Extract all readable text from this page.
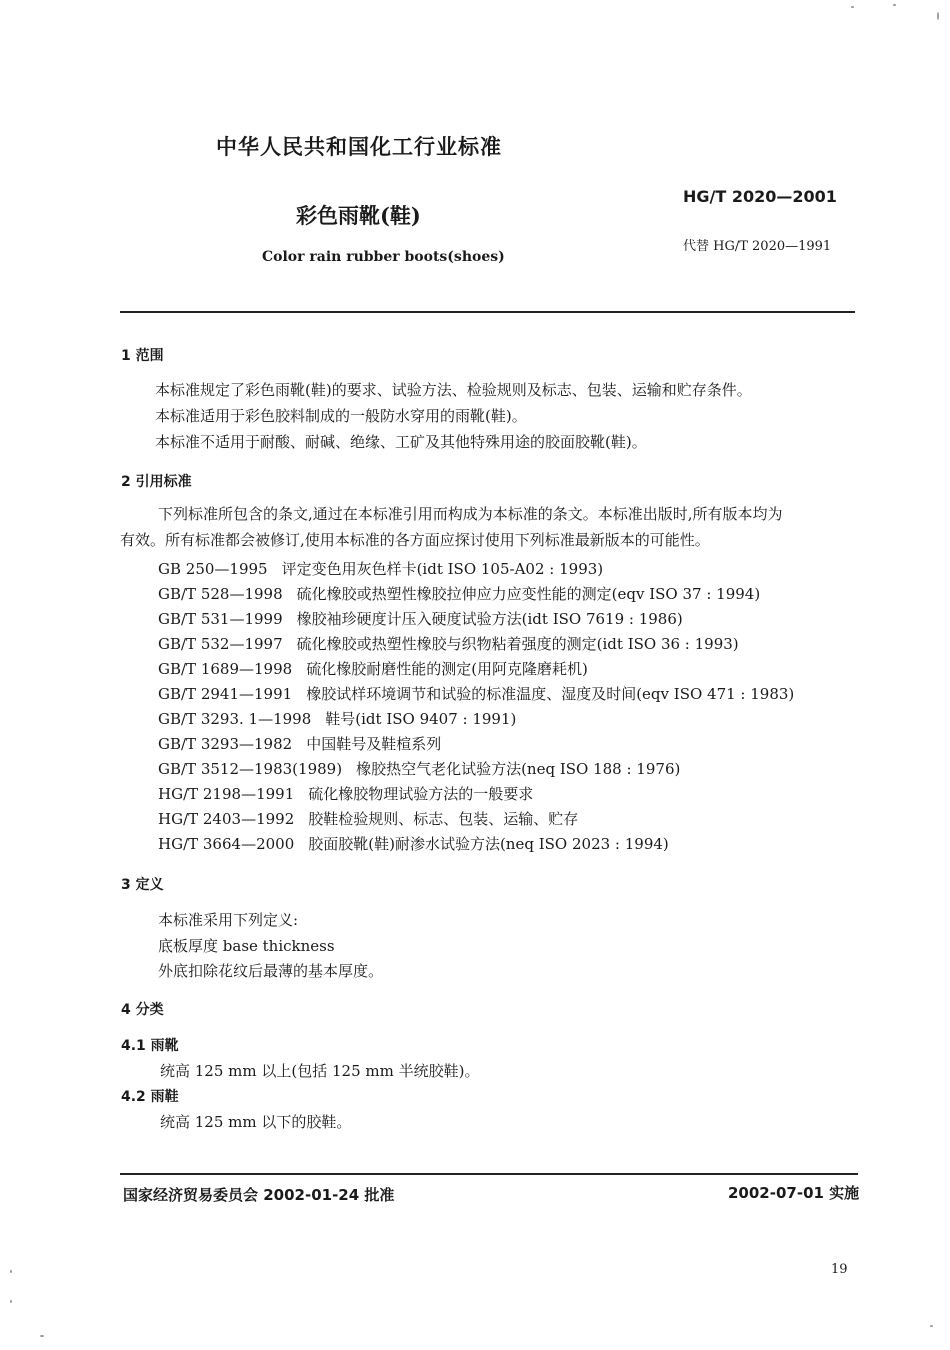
中华人民共和国化工行业标准
HG/T 2020—2001
彩色雨靴(鞋)
代替 HG/T 2020—1991
Color rain rubber boots(shoes)
1 范围
本标准规定了彩色雨靴(鞋)的要求、试验方法、检验规则及标志、包装、运输和贮存条件。
本标准适用于彩色胶料制成的一般防水穿用的雨靴(鞋)。
本标准不适用于耐酸、耐碱、绝缘、工矿及其他特殊用途的胶面胶靴(鞋)。
2 引用标准
下列标准所包含的条文,通过在本标准引用而构成为本标准的条文。本标准出版时,所有版本均为
有效。所有标准都会被修订,使用本标准的各方面应探讨使用下列标准最新版本的可能性。
GB 250—1995 评定变色用灰色样卡(idt ISO 105-A02 : 1993)
GB/T 528—1998 硫化橡胶或热塑性橡胶拉伸应力应变性能的测定(eqv ISO 37 : 1994)
GB/T 531—1999 橡胶袖珍硬度计压入硬度试验方法(idt ISO 7619 : 1986)
GB/T 532—1997 硫化橡胶或热塑性橡胶与织物粘着强度的测定(idt ISO 36 : 1993)
GB/T 1689—1998 硫化橡胶耐磨性能的测定(用阿克隆磨耗机)
GB/T 2941—1991 橡胶试样环境调节和试验的标准温度、湿度及时间(eqv ISO 471 : 1983)
GB/T 3293. 1—1998 鞋号(idt ISO 9407 : 1991)
GB/T 3293—1982 中国鞋号及鞋楦系列
GB/T 3512—1983(1989) 橡胶热空气老化试验方法(neq ISO 188 : 1976)
HG/T 2198—1991 硫化橡胶物理试验方法的一般要求
HG/T 2403—1992 胶鞋检验规则、标志、包装、运输、贮存
HG/T 3664—2000 胶面胶靴(鞋)耐渗水试验方法(neq ISO 2023 : 1994)
3 定义
本标准采用下列定义:
底板厚度 base thickness
外底扣除花纹后最薄的基本厚度。
4 分类
4.1 雨靴
统高 125 mm 以上(包括 125 mm 半统胶鞋)。
4.2 雨鞋
统高 125 mm 以下的胶鞋。
国家经济贸易委员会 2002-01-24 批准	2002-07-01 实施
19
